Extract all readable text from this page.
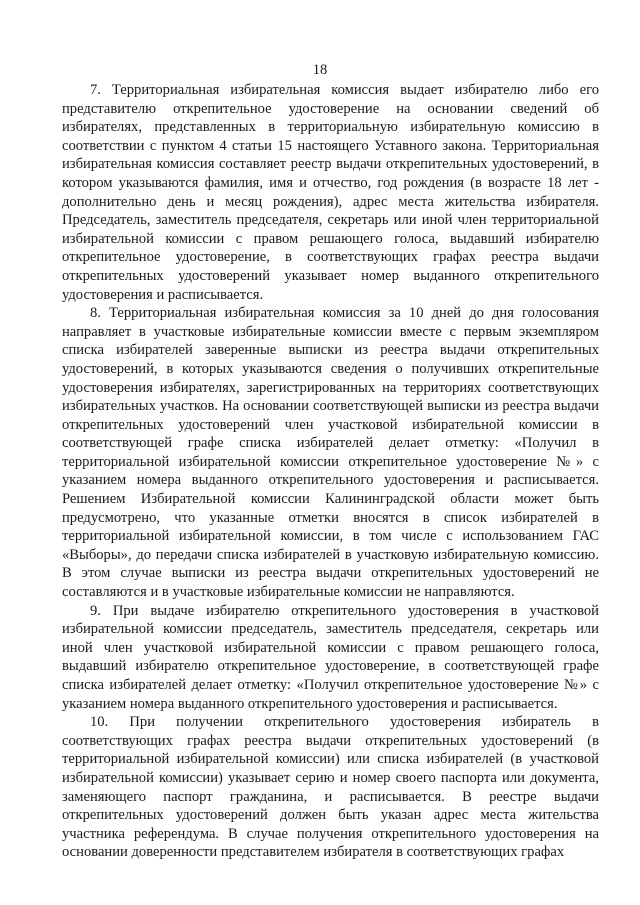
18

7. Территориальная избирательная комиссия выдает избирателю либо его представителю открепительное удостоверение на основании сведений об избирателях, представленных в территориальную избирательную комиссию в соответствии с пунктом 4 статьи 15 настоящего Уставного закона. Территориальная избирательная комиссия составляет реестр выдачи открепительных удостоверений, в котором указываются фамилия, имя и отчество, год рождения (в возрасте 18 лет - дополнительно день и месяц рождения), адрес места жительства избирателя. Председатель, заместитель председателя, секретарь или иной член территориальной избирательной комиссии с правом решающего голоса, выдавший избирателю открепительное удостоверение, в соответствующих графах реестра выдачи открепительных удостоверений указывает номер выданного открепительного удостоверения и расписывается.

8. Территориальная избирательная комиссия за 10 дней до дня голосования направляет в участковые избирательные комиссии вместе с первым экземпляром списка избирателей заверенные выписки из реестра выдачи открепительных удостоверений, в которых указываются сведения о получивших открепительные удостоверения избирателях, зарегистрированных на территориях соответствующих избирательных участков. На основании соответствующей выписки из реестра выдачи открепительных удостоверений член участковой избирательной комиссии в соответствующей графе списка избирателей делает отметку: «Получил в территориальной избирательной комиссии открепительное удостоверение №» с указанием номера выданного открепительного удостоверения и расписывается. Решением Избирательной комиссии Калининградской области может быть предусмотрено, что указанные отметки вносятся в список избирателей в территориальной избирательной комиссии, в том числе с использованием ГАС «Выборы», до передачи списка избирателей в участковую избирательную комиссию. В этом случае выписки из реестра выдачи открепительных удостоверений не составляются и в участковые избирательные комиссии не направляются.

9. При выдаче избирателю открепительного удостоверения в участковой избирательной комиссии председатель, заместитель председателя, секретарь или иной член участковой избирательной комиссии с правом решающего голоса, выдавший избирателю открепительное удостоверение, в соответствующей графе списка избирателей делает отметку: «Получил открепительное удостоверение №» с указанием номера выданного открепительного удостоверения и расписывается.

10. При получении открепительного удостоверения избиратель в соответствующих графах реестра выдачи открепительных удостоверений (в территориальной избирательной комиссии) или списка избирателей (в участковой избирательной комиссии) указывает серию и номер своего паспорта или документа, заменяющего паспорт гражданина, и расписывается. В реестре выдачи открепительных удостоверений должен быть указан адрес места жительства участника референдума. В случае получения открепительного удостоверения на основании доверенности представителем избирателя в соответствующих графах
